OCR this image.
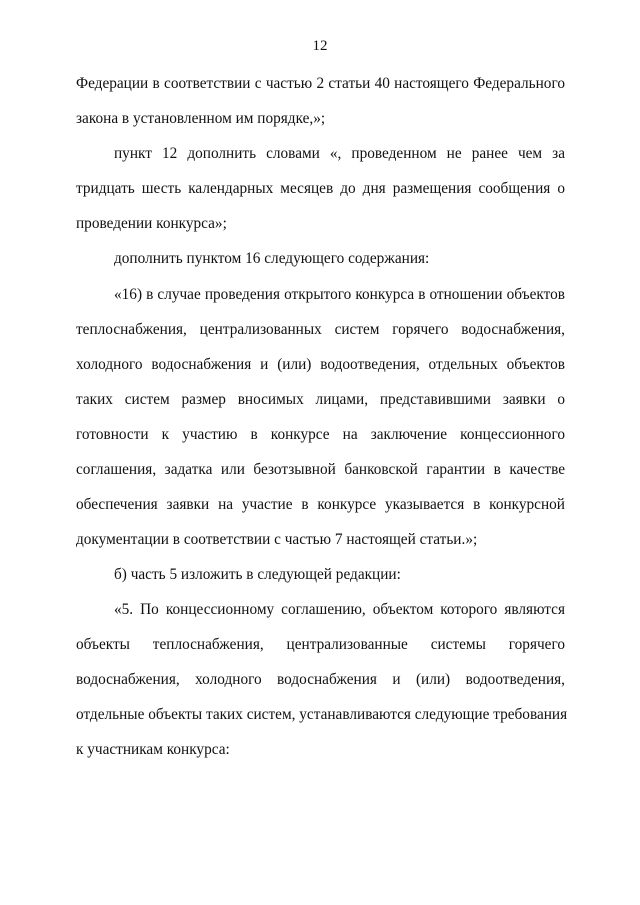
12
Федерации в соответствии с частью 2 статьи 40 настоящего Федерального
закона в установленном им порядке,»;
пункт 12 дополнить словами «, проведенном не ранее чем за
тридцать шесть календарных месяцев до дня размещения сообщения о
проведении конкурса»;
дополнить пунктом 16 следующего содержания:
«16) в случае проведения открытого конкурса в отношении объектов
теплоснабжения, централизованных систем горячего водоснабжения,
холодного водоснабжения и (или) водоотведения, отдельных объектов
таких систем размер вносимых лицами, представившими заявки о
готовности к участию в конкурсе на заключение концессионного
соглашения, задатка или безотзывной банковской гарантии в качестве
обеспечения заявки на участие в конкурсе указывается в конкурсной
документации в соответствии с частью 7 настоящей статьи.»;
б) часть 5 изложить в следующей редакции:
«5. По концессионному соглашению, объектом которого являются
объекты теплоснабжения, централизованные системы горячего
водоснабжения, холодного водоснабжения и (или) водоотведения,
отдельные объекты таких систем, устанавливаются следующие требования
к участникам конкурса:
